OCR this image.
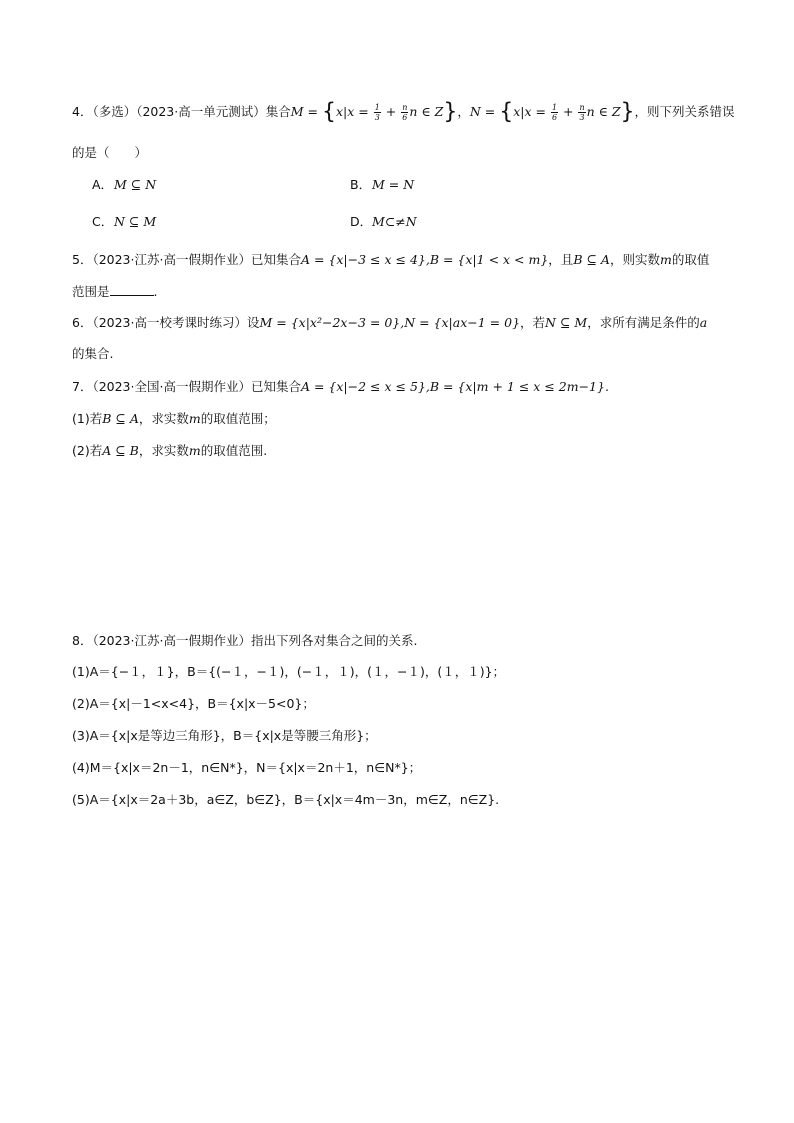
4．（多选）（2023·高一单元测试）集合$M = \{x|x = \frac{1}{3} + \frac{n}{6}$ n ∈ Z}，$N = \{x|x = \frac{1}{6} + \frac{n}{3}$ n ∈ Z}，则下列关系错误
的是（　　）
A．M ⊆ N	B．M = N
C．N ⊆ M	D．M⊂≠N
5．（2023·江苏·高一假期作业）已知集合A = {x|−3 ≤ x ≤ 4},B = {x|1 < x < m}，且B ⊆ A，则实数m的取值
范围是	.
6．（2023·高一校考课时练习）设M = {x|x²−2x−3 = 0},N = {x|ax−1 = 0}，若N ⊆ M，求所有满足条件的a
的集合.
7．（2023·全国·高一假期作业）已知集合A = {x|−2 ≤ x ≤ 5},B = {x|m + 1 ≤ x ≤ 2m−1}.
(1)若B ⊆ A，求实数m的取值范围；
(2)若A ⊆ B，求实数m的取值范围.
8．（2023·江苏·高一假期作业）指出下列各对集合之间的关系.
(1)A＝{−１，１}，B＝{(−１，−１)，(−１，１)，(１，−１)，(１，１)}；
(2)A＝{x|－1<x<4}，B＝{x|x－5<0}；
(3)A＝{x|x是等边三角形}，B＝{x|x是等腰三角形}；
(4)M＝{x|x＝2n－1，n∈N*}，N＝{x|x＝2n＋1，n∈N*}；
(5)A＝{x|x＝2a＋3b，a∈Z，b∈Z}，B＝{x|x＝4m－3n，m∈Z，n∈Z}.
